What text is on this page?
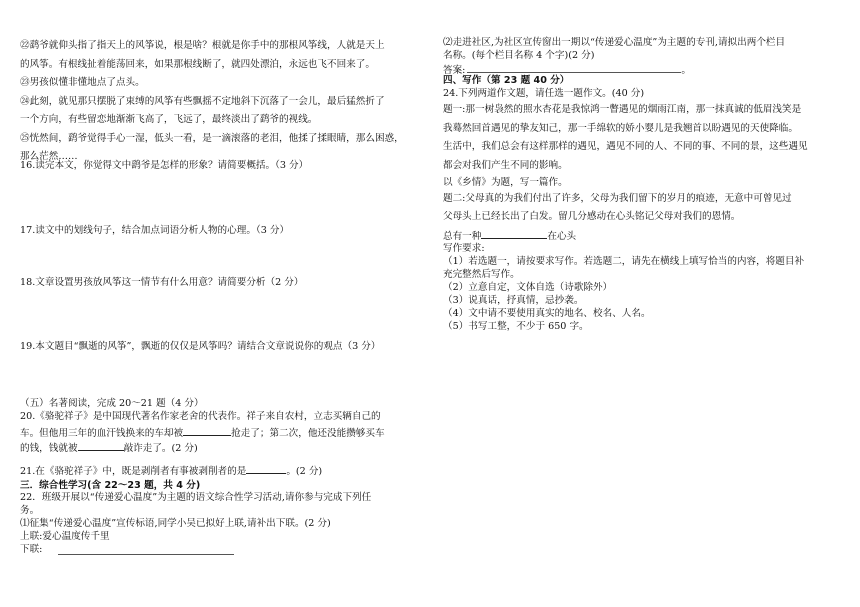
㉒鹞爷就仰头指了指天上的风筝说，根是啥？根就是你手中的那根风筝线，人就是天上
的风筝。有根线扯着能荡回来，如果那根线断了，就四处漂泊，永远也飞不回来了。
㉓男孩似懂非懂地点了点头。
㉔此刻，就见那只摆脱了束缚的风筝有些飘摇不定地斜下沉落了一会儿，最后猛然折了
一个方向，有些留恋地渐渐飞高了，飞远了，最终淡出了鹞爷的视线。
㉕恍然间，鹞爷觉得手心一湿，低头一看，是一滴滚落的老泪，他揉了揉眼睛，那么困惑，
那么茫然……
16.读完本文，你觉得文中鹞爷是怎样的形象？请简要概括。（3 分）
17.读文中的划线句子，结合加点词语分析人物的心理。（3 分）
18.文章设置男孩放风筝这一情节有什么用意？请简要分析（2 分）
19.本文题目“飘逝的风筝”，飘逝的仅仅是风筝吗？请结合文章说说你的观点（3 分）
（五）名著阅读，完成 20～21 题（4 分）
20.《骆驼祥子》是中国现代著名作家老舍的代表作。祥子来自农村，立志买辆自己的
车。但他用三年的血汗钱换来的车却被	抢走了；第二次，他还没能攒够买车
的钱，钱就被	敲诈走了。(2 分)
21.在《骆驼祥子》中，既是剥削者有事被剥削者的是	。(2 分)
三．综合性学习(含 22～23 题，共 4 分)
22．班级开展以“传递爱心温度”为主题的语文综合性学习活动,请你参与完成下列任
务。
⑴征集“传递爱心温度”宣传标语,同学小吴已拟好上联,请补出下联。(2 分)
上联:爱心温度传千里
下联:
⑵走进社区,为社区宣传窗出一期以“传递爱心温度”为主题的专刊,请拟出两个栏目
名称。(每个栏目名称 4 个字)(2 分)
答案:	。
四、写作（第 23 题 40 分）
24.下列两道作文题，请任选一题作文。(40 分)
题一:那一树袅然的照水杏花是我惊鸿一瞥遇见的烟雨江南，那一抹真诚的低眉浅笑是
我蓦然回首遇见的挚友知己，那一手绵软的娇小婴儿是我翘首以盼遇见的天使降临。
生活中，我们总会有这样那样的遇见，遇见不同的人、不同的事、不同的景，这些遇见
都会对我们产生不同的影响。
以《乡情》为题，写一篇作。
题二:父母真的为我们付出了许多，父母为我们留下的岁月的痕迹，无意中可曾见过
父母头上已经长出了白发。留几分感动在心头铭记父母对我们的恩情。
总有一种	在心头
写作要求:
（1）若选题一，请按要求写作。若选题二，请先在横线上填写恰当的内容，将题目补
充完整然后写作。
（2）立意自定，文体自选（诗歌除外）
（3）说真话，抒真情，忌抄袭。
（4）文中请不要使用真实的地名、校名、人名。
（5）书写工整，不少于 650 字。
